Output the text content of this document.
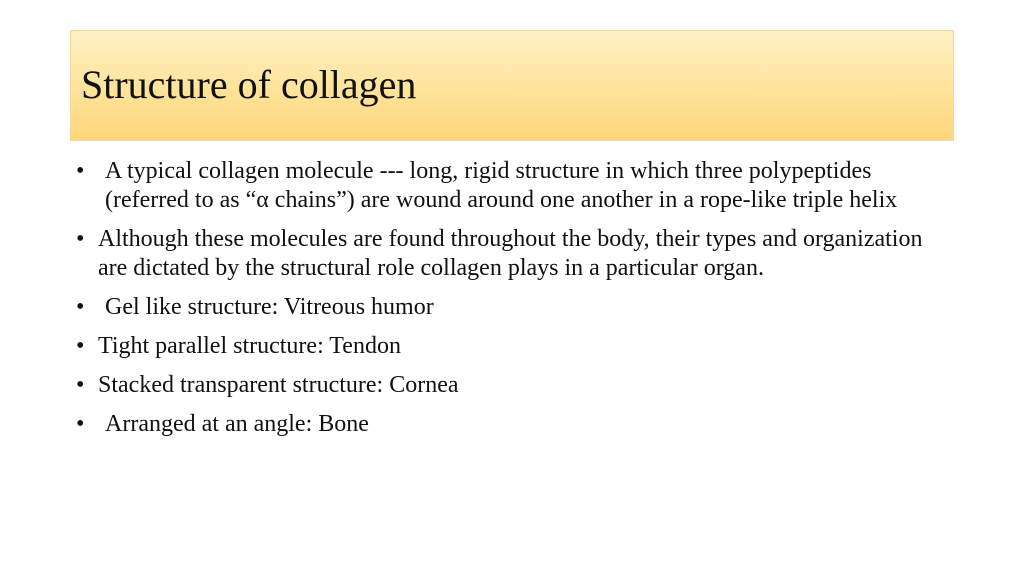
Structure of collagen
• A typical collagen molecule --- long, rigid structure in which three polypeptides (referred to as “α chains”) are wound around one another in a rope-like triple helix
• Although these molecules are found throughout the body, their types and organization are dictated by the structural role collagen plays in a particular organ.
• Gel like structure: Vitreous humor
• Tight parallel structure: Tendon
• Stacked transparent structure: Cornea
• Arranged at an angle: Bone
